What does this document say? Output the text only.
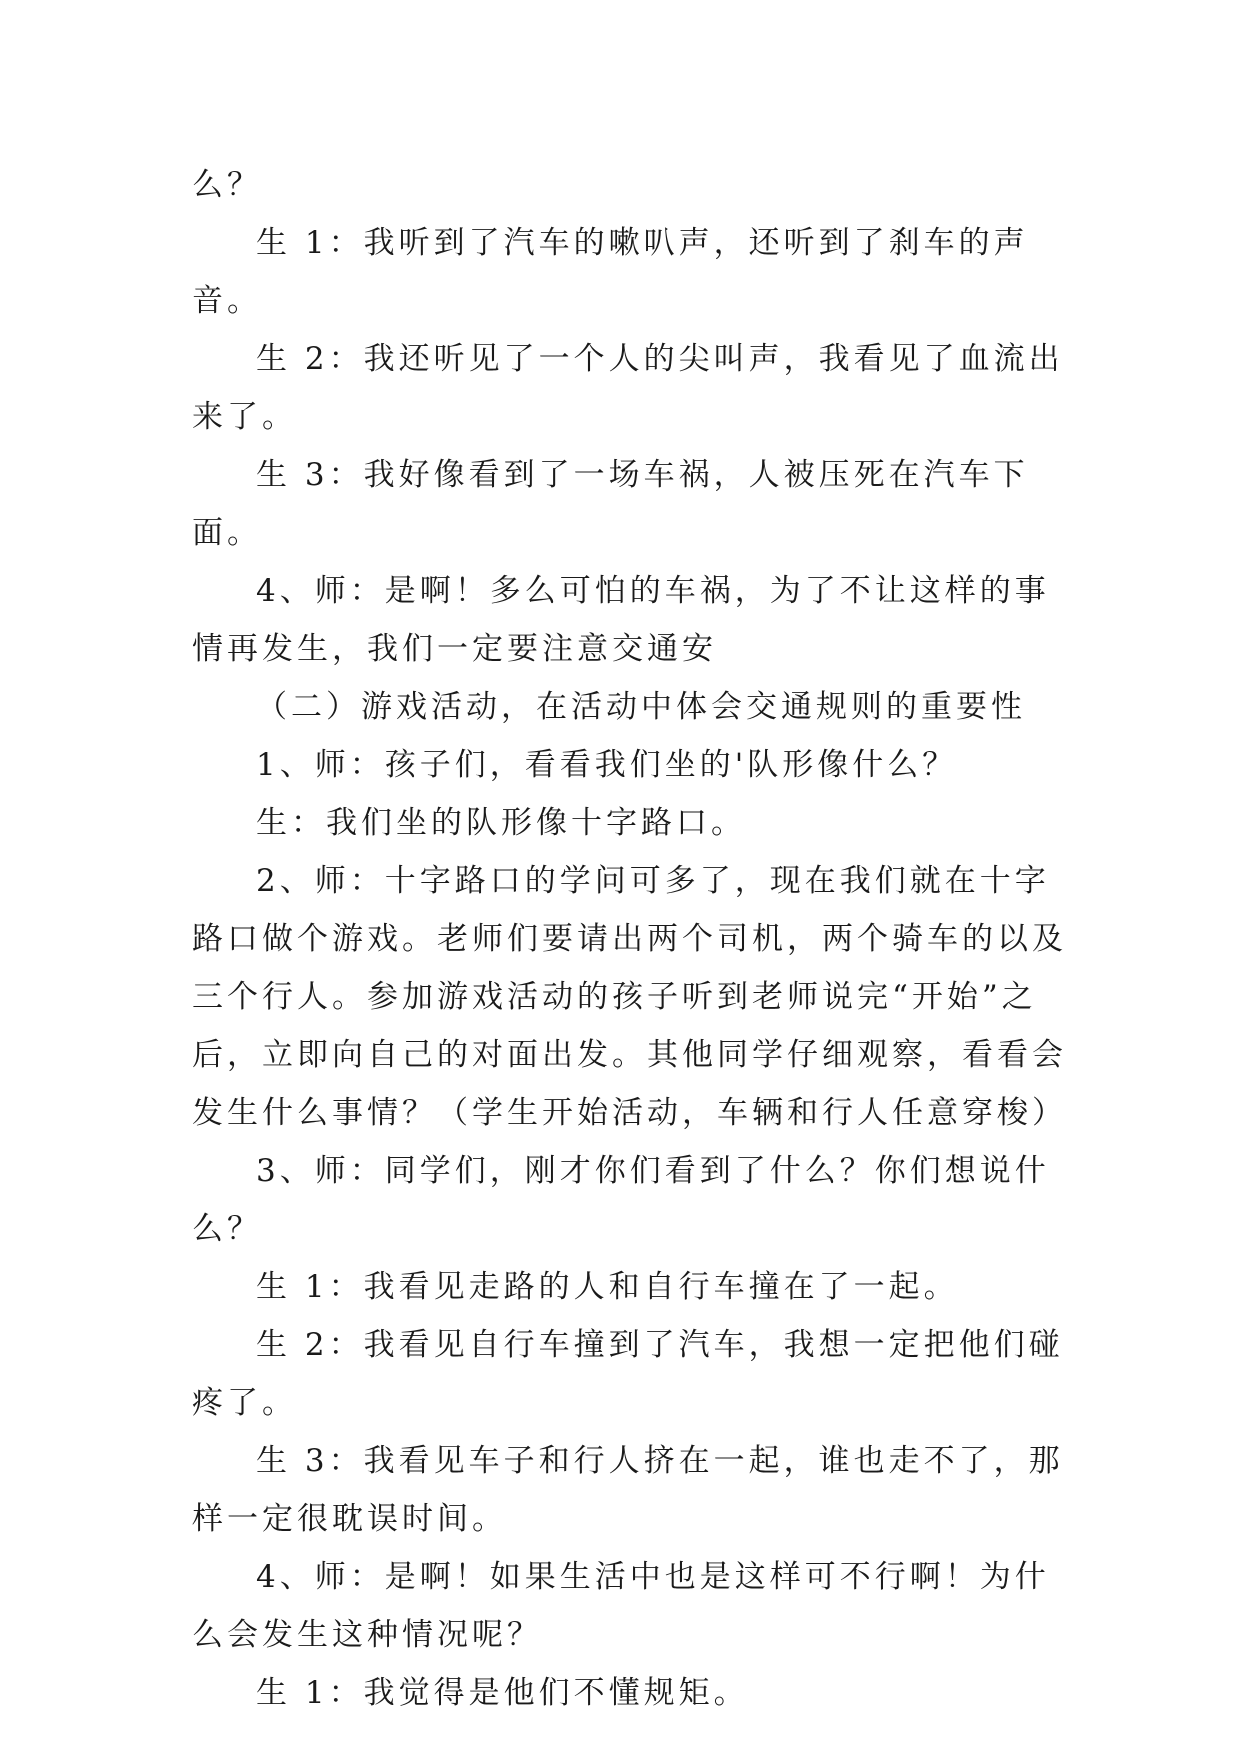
么？

生 1：我听到了汽车的嗽叭声，还听到了刹车的声音。

生 2：我还听见了一个人的尖叫声，我看见了血流出来了。

生 3：我好像看到了一场车祸，人被压死在汽车下面。

4、师：是啊！多么可怕的车祸，为了不让这样的事情再发生，我们一定要注意交通安

（二）游戏活动，在活动中体会交通规则的重要性

1、师：孩子们，看看我们坐的'队形像什么？

生：我们坐的队形像十字路口。

2、师：十字路口的学问可多了，现在我们就在十字路口做个游戏。老师们要请出两个司机，两个骑车的以及三个行人。参加游戏活动的孩子听到老师说完“开始”之后，立即向自己的对面出发。其他同学仔细观察，看看会发生什么事情？（学生开始活动，车辆和行人任意穿梭）

3、师：同学们，刚才你们看到了什么？你们想说什么？

生 1：我看见走路的人和自行车撞在了一起。

生 2：我看见自行车撞到了汽车，我想一定把他们碰疼了。

生 3：我看见车子和行人挤在一起，谁也走不了，那样一定很耽误时间。

4、师：是啊！如果生活中也是这样可不行啊！为什么会发生这种情况呢？

生 1：我觉得是他们不懂规矩。
